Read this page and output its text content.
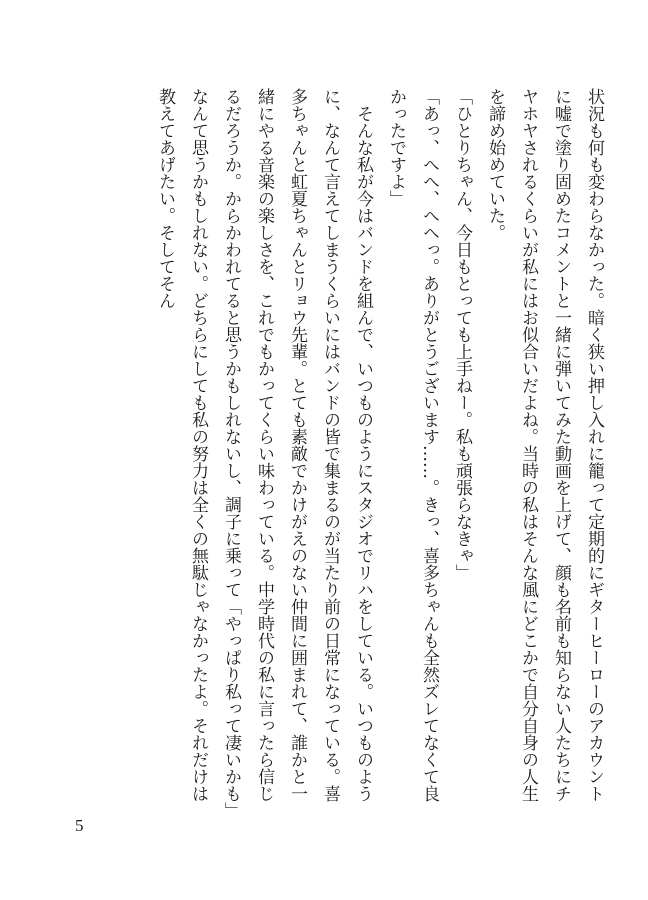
状況も何も変わらなかった。暗く狭い押し入れに籠って定期的にギターヒーローのアカウントに嘘で塗り固めたコメントと一緒に弾いてみた動画を上げて、顔も名前も知らない人たちにチヤホヤされるくらいが私にはお似合いだよね。当時の私はそんな風にどこかで自分自身の人生を諦め始めていた。

「ひとりちゃん、今日もとっても上手ねー。私も頑張らなきゃ」

「あっ、へへ、へへっ。ありがとうございます……。きっ、喜多ちゃんも全然ズレてなくて良かったですよ」

　そんな私が今はバンドを組んで、いつものようにスタジオでリハをしている。いつものように、なんて言えてしまうくらいにはバンドの皆で集まるのが当たり前の日常になっている。喜多ちゃんと虹夏ちゃんとリョウ先輩。とても素敵でかけがえのない仲間に囲まれて、誰かと一緒にやる音楽の楽しさを、これでもかってくらい味わっている。中学時代の私に言ったら信じるだろうか。からかわれてると思うかもしれないし、調子に乗って「やっぱり私って凄いかも」なんて思うかもしれない。どちらにしても私の努力は全くの無駄じゃなかったよ。それだけは教えてあげたい。そしてそん

5
